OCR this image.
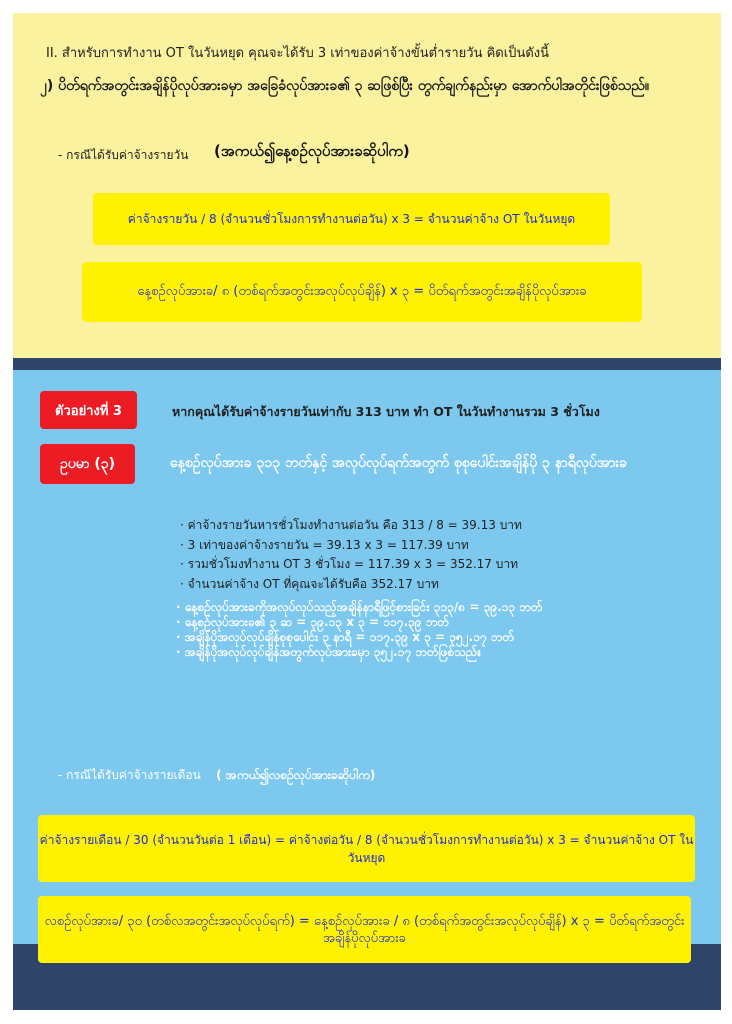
II. สำหรับการทำงาน OT ในวันหยุด คุณจะได้รับ 3 เท่าของค่าจ้างขั้นต่ำรายวัน คิดเป็นดังนี้
၂) ပိတ်ရက်အတွင်းအချိန်ပိုလုပ်အားခမှာ အခြေခံလုပ်အားခ၏ ၃ ဆဖြစ်ပြီး တွက်ချက်နည်းမှာ အောက်ပါအတိုင်းဖြစ်သည်။
- กรณีได้รับค่าจ้างรายวัน (အကယ်၍နေ့စဉ်လုပ်အားခဆိုပါက)
ค่าจ้างรายวัน / 8 (จำนวนชั่วโมงการทำงานต่อวัน) x 3 = จำนวนค่าจ้าง OT ในวันหยุด
နေ့စဉ်လုပ်အားခ/ ၈ (တစ်ရက်အတွင်းအလုပ်လုပ်ချိန်) x ၃ = ပိတ်ရက်အတွင်းအချိန်ပိုလုပ်အားခ
ตัวอย่างที่ 3	หากคุณได้รับค่าจ้างรายวันเท่ากับ 313 บาท ทำ OT ในวันทำงานรวม 3 ชั่วโมง
ဥပမာ (၃)	နေ့စဉ်လုပ်အားခ ၃၁၃ ဘတ်နှင့် အလုပ်လုပ်ရက်အတွက် စုစုပေါင်းအချိန်ပို ၃ နာရီလုပ်အားခ
· ค่าจ้างรายวันหารชั่วโมงทำงานต่อวัน คือ 313 / 8 = 39.13 บาท
· 3 เท่าของค่าจ้างรายวัน = 39.13 x 3 = 117.39 บาท
· รวมชั่วโมงทำงาน OT 3 ชั่วโมง = 117.39 x 3 = 352.17 บาท
· จำนวนค่าจ้าง OT ที่คุณจะได้รับคือ 352.17 บาท
· နေ့စဉ်လုပ်အားခကိုအလုပ်လုပ်သည့်အချိန်နာရီဖြင့်စားခြင်း ၃၁၃/၈ = ၃၉.၁၃ ဘတ်
· နေ့စဉ်လုပ်အားခ၏ ၃ ဆ = ၃၉.၁၃ x ၃ = ၁၁၇.၃၉ ဘတ်
· အချိန်ပိုအလုပ်လုပ်ချိန်စုစုပေါင်း ၃ နာရီ = ၁၁၇.၃၉ x ၃ = ၃၅၂.၁၇ ဘတ်
· အချိန်ပိုအလုပ်လုပ်ချိန်အတွက်လုပ်အားခမှာ ၃၅၂.၁၇ ဘတ်ဖြစ်သည်။
- กรณีได้รับค่าจ้างรายเดือน ( အကယ်၍လစဉ်လုပ်အားခဆိုပါက)
ค่าจ้างรายเดือน / 30 (จำนวนวันต่อ 1 เดือน) = ค่าจ้างต่อวัน / 8 (จำนวนชั่วโมงการทำงานต่อวัน) x 3 = จำนวนค่าจ้าง OT ในวันหยุด
လစဉ်လုပ်အားခ/ ၃၀ (တစ်လအတွင်းအလုပ်လုပ်ရက်) = နေ့စဉ်လုပ်အားခ / ၈ (တစ်ရက်အတွင်းအလုပ်လုပ်ချိန်) x ၃ = ပိတ်ရက်အတွင်းအချိန်ပိုလုပ်အားခ
